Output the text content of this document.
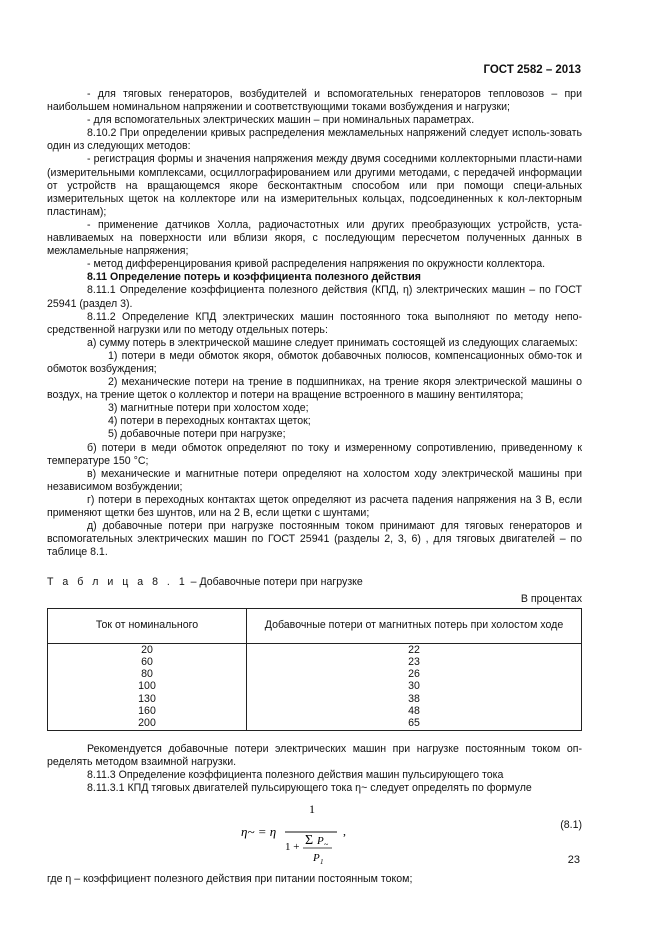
ГОСТ 2582 – 2013

- для тяговых генераторов, возбудителей и вспомогательных генераторов тепловозов – при наибольшем номинальном напряжении и соответствующими токами возбуждения и нагрузки;

- для вспомогательных электрических машин – при номинальных параметрах.

8.10.2 При определении кривых распределения межламельных напряжений следует исполь-зовать один из следующих методов:

- регистрация формы и значения напряжения между двумя соседними коллекторными пласти-нами (измерительными комплексами, осциллографированием или другими методами, с передачей информации от устройств на вращающемся якоре бесконтактным способом или при помощи специ-альных измерительных щеток на коллекторе или на измерительных кольцах, подсоединенных к кол-лекторным пластинам);

- применение датчиков Холла, радиочастотных или других преобразующих устройств, уста-навливаемых на поверхности или вблизи якоря, с последующим пересчетом полученных данных в межламельные напряжения;

- метод дифференцирования кривой распределения напряжения по окружности коллектора.

8.11 Определение потерь и коэффициента полезного действия

8.11.1 Определение коэффициента полезного действия (КПД, η) электрических машин – по ГОСТ 25941 (раздел 3).

8.11.2 Определение КПД электрических машин постоянного тока выполняют по методу непо-средственной нагрузки или по методу отдельных потерь:

а) сумму потерь в электрической машине следует принимать состоящей из следующих слагаемых:

1) потери в меди обмоток якоря, обмоток добавочных полюсов, компенсационных обмо-ток и обмоток возбуждения;

2) механические потери на трение в подшипниках, на трение якоря электрической машины о воздух, на трение щеток о коллектор и потери на вращение встроенного в машину вентилятора;

3) магнитные потери при холостом ходе;

4) потери в переходных контактах щеток;

5) добавочные потери при нагрузке;

б) потери в меди обмоток определяют по току и измеренному сопротивлению, приведенному к температуре 150 °С;

в) механические и магнитные потери определяют на холостом ходу электрической машины при независимом возбуждении;

г) потери в переходных контактах щеток определяют из расчета падения напряжения на 3 В, если применяют щетки без шунтов, или на 2 В, если щетки с шунтами;

д) добавочные потери при нагрузке постоянным током принимают для тяговых генераторов и вспомогательных электрических машин по ГОСТ 25941 (разделы 2, 3, 6) , для тяговых двигателей – по таблице 8.1.

Т а б л и ц а 8 . 1 – Добавочные потери при нагрузке

В процентах

Ток от номинального	Добавочные потери от магнитных потерь при холостом ходе
20	22
60	23
80	26
100	30
130	38
160	48
200	65

Рекомендуется добавочные потери электрических машин при нагрузке постоянным током оп-ределять методом взаимной нагрузки.

8.11.3 Определение коэффициента полезного действия машин пульсирующего тока

8.11.3.1 КПД тяговых двигателей пульсирующего тока η~ следует определять по формуле

η~ = η
1
1 + Σ P ~
P 1
,	(8.1)

где η – коэффициент полезного действия при питании постоянным током;

23
